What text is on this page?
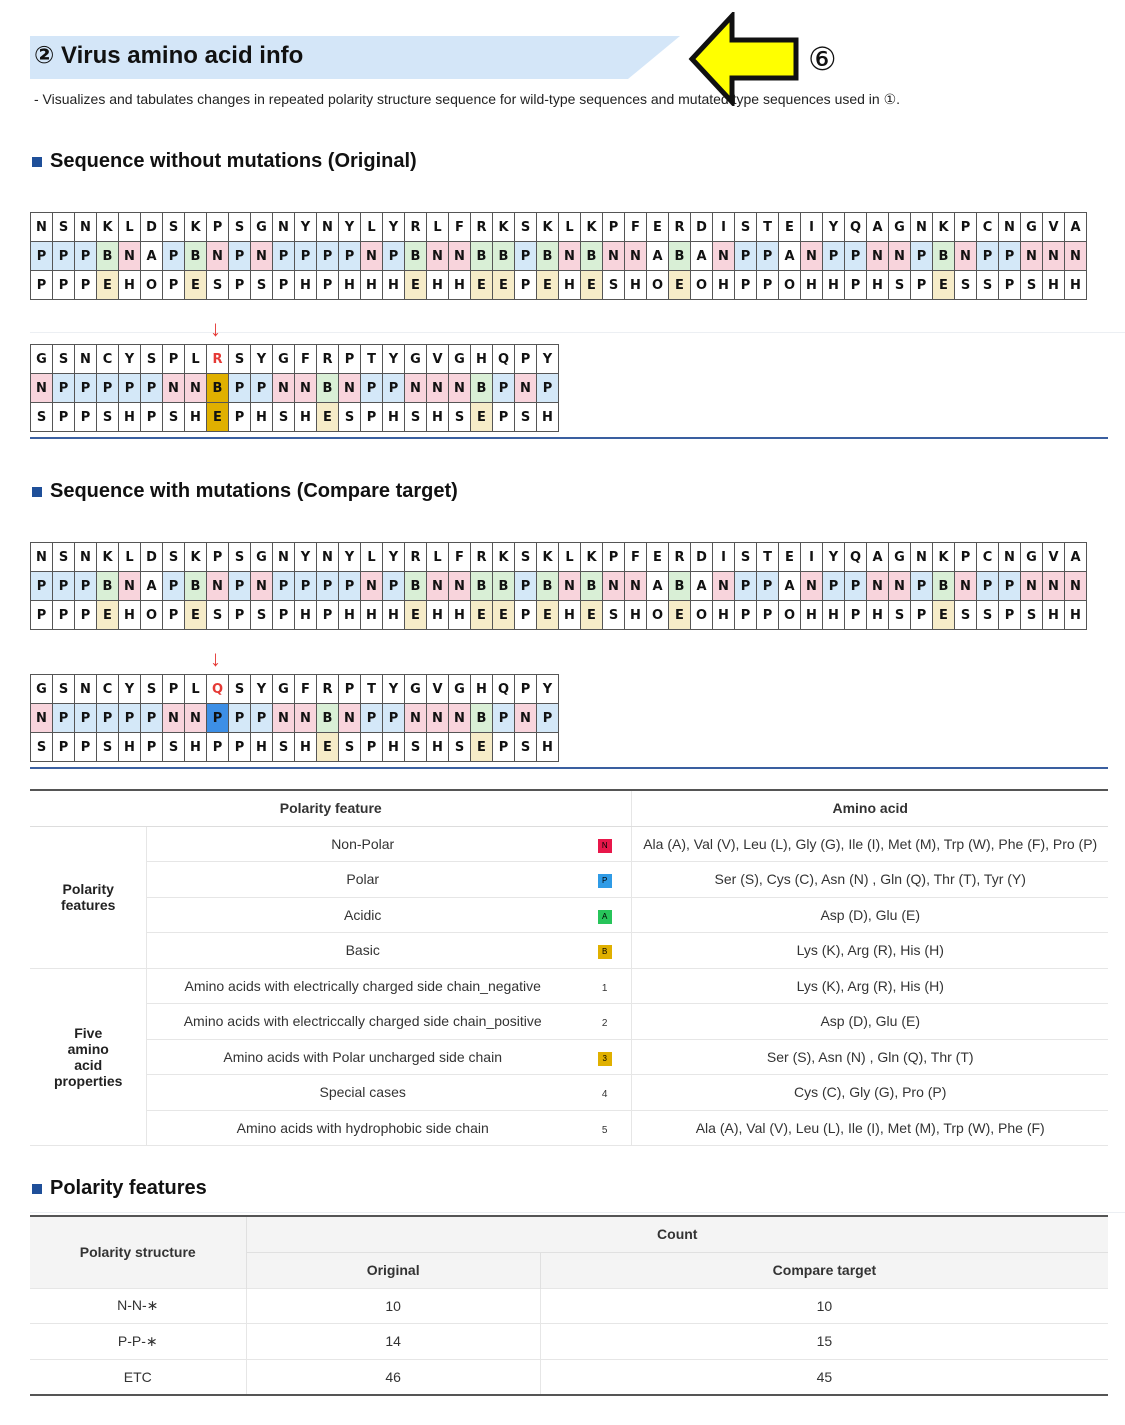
② Virus amino acid info
- Visualizes and tabulates changes in repeated polarity structure sequence for wild-type sequences and mutated type sequences used in ①.
⑥
Sequence without mutations (Original)
N S N K L D S K P S G N Y N Y	L	Y R L	F R K S K L K P F	E R D	I	S T	E	I	Y Q A G N K P C N G V A
P P P B N A P B N P N P P P P N P B N N B B P B N B N N A B A N P P A N P P N N P B N P P N N N
P P P E H O P E S P S P H P H H H E H H E	E P E H E S H O E O H P P O H H P H S P E S S P S H H
↓
G S N C Y S P	L R S Y G F R P T Y G V G H Q P Y
N P P P P P N N B P P N N B N P P N N N B P N P
S P P S H P S H E P H S H E S P H S H S E P S H
Sequence with mutations (Compare target)
N S N K L D S K P S G N Y N Y	L	Y R L	F R K S K L K P F	E R D	I	S T	E	I	Y Q A G N K P C N G V A
P P P B N A P B N P N P P P P N P B N N B B P B N B N N A B A N P P A N P P N N P B N P P N N N
P P P E H O P E S P S P H P H H H E H H E	E P E H E S H O E O H P P O H H P H S P E S S P S H H
↓
G S N C Y S P	L Q S Y G F R P T Y G V G H Q P Y
N P P P P P N N P P P N N B N P P N N N B P N P
S P P S H P S H P P H S H E S P H S H S E P S H
Polarity feature			Amino acid
Polarity features	Non-Polar	N	Ala (A), Val (V), Leu (L), Gly (G), Ile (I), Met (M), Trp (W), Phe (F), Pro (P)
	Polar	P	Ser (S), Cys (C), Asn (N) , Gln (Q), Thr (T), Tyr (Y)
	Acidic	A	Asp (D), Glu (E)
	Basic	B	Lys (K), Arg (R), His (H)
Five amino acid properties	Amino acids with electrically charged side chain_negative	1	Lys (K), Arg (R), His (H)
	Amino acids with electriccally charged side chain_positive	2	Asp (D), Glu (E)
	Amino acids with Polar uncharged side chain	3	Ser (S), Asn (N) , Gln (Q), Thr (T)
	Special cases	4	Cys (C), Gly (G), Pro (P)
	Amino acids with hydrophobic side chain	5	Ala (A), Val (V), Leu (L), Ile (I), Met (M), Trp (W), Phe (F)
Polarity features
Polarity structure	Count	
	Original	Compare target
N-N-∗	10	10
P-P-∗	14	15
ETC	46	45
